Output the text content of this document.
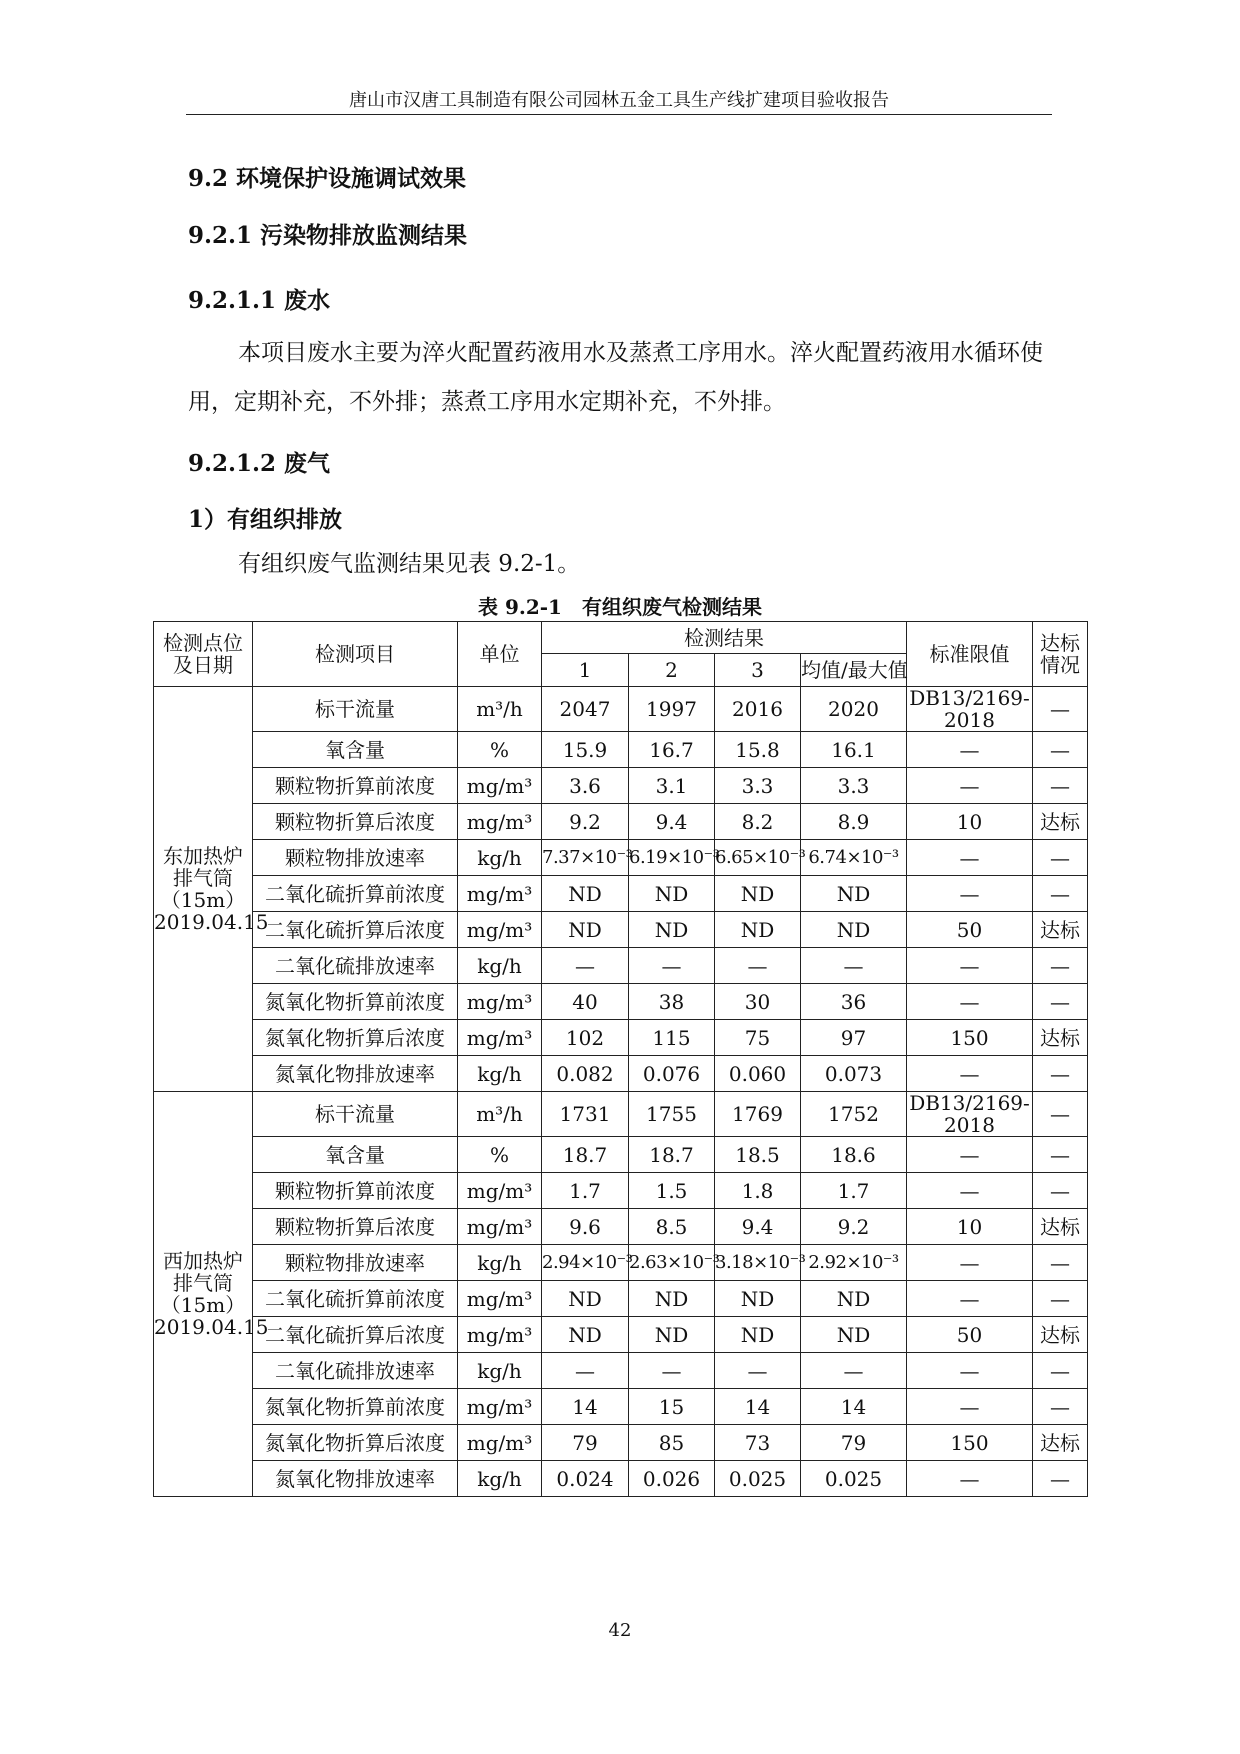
唐山市汉唐工具制造有限公司园林五金工具生产线扩建项目验收报告
9.2 环境保护设施调试效果
9.2.1 污染物排放监测结果
9.2.1.1 废水
本项目废水主要为淬火配置药液用水及蒸煮工序用水。淬火配置药液用水循环使用，定期补充，不外排；蒸煮工序用水定期补充，不外排。
9.2.1.2 废气
1）有组织排放
有组织废气监测结果见表 9.2-1。
表 9.2-1　有组织废气检测结果
检测点位及日期	检测项目	单位	检测结果				标准限值	达标情况
			1	2	3	均值/最大值		
东加热炉排气筒（15m）2019.04.15	标干流量	m³/h	2047	1997	2016	2020	DB13/2169-2018	—
	氧含量	%	15.9	16.7	15.8	16.1	—	—
	颗粒物折算前浓度	mg/m³	3.6	3.1	3.3	3.3	—	—
	颗粒物折算后浓度	mg/m³	9.2	9.4	8.2	8.9	10	达标
	颗粒物排放速率	kg/h	7.37×10⁻³	6.19×10⁻³	6.65×10⁻³	6.74×10⁻³	—	—
	二氧化硫折算前浓度	mg/m³	ND	ND	ND	ND	—	—
	二氧化硫折算后浓度	mg/m³	ND	ND	ND	ND	50	达标
	二氧化硫排放速率	kg/h	—	—	—	—	—	—
	氮氧化物折算前浓度	mg/m³	40	38	30	36	—	—
	氮氧化物折算后浓度	mg/m³	102	115	75	97	150	达标
	氮氧化物排放速率	kg/h	0.082	0.076	0.060	0.073	—	—
西加热炉排气筒（15m）2019.04.15	标干流量	m³/h	1731	1755	1769	1752	DB13/2169-2018	—
	氧含量	%	18.7	18.7	18.5	18.6	—	—
	颗粒物折算前浓度	mg/m³	1.7	1.5	1.8	1.7	—	—
	颗粒物折算后浓度	mg/m³	9.6	8.5	9.4	9.2	10	达标
	颗粒物排放速率	kg/h	2.94×10⁻³	2.63×10⁻³	3.18×10⁻³	2.92×10⁻³	—	—
	二氧化硫折算前浓度	mg/m³	ND	ND	ND	ND	—	—
	二氧化硫折算后浓度	mg/m³	ND	ND	ND	ND	50	达标
	二氧化硫排放速率	kg/h	—	—	—	—	—	—
	氮氧化物折算前浓度	mg/m³	14	15	14	14	—	—
	氮氧化物折算后浓度	mg/m³	79	85	73	79	150	达标
	氮氧化物排放速率	kg/h	0.024	0.026	0.025	0.025	—	—
42
